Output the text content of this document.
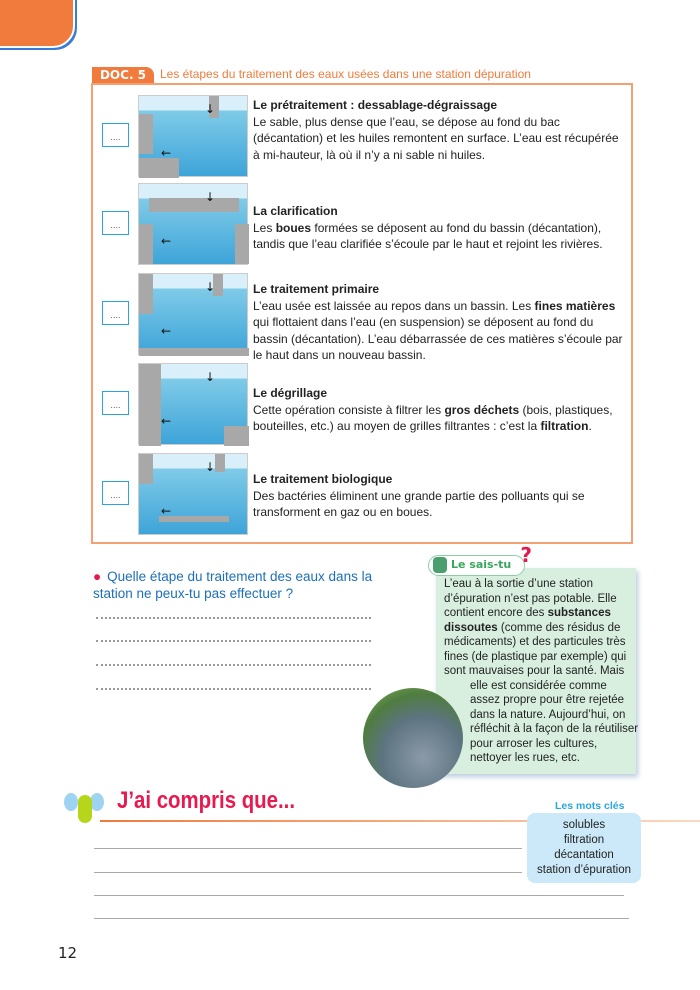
DOC. 5	Les étapes du traitement des eaux usées dans une station dépuration
....
←
↓	Le prétraitement : dessablage-dégraissage
Le sable, plus dense que l’eau, se dépose au fond du bac (décantation) et les huiles remontent en surface. L’eau est récupérée à mi-hauteur, là où il n’y a ni sable ni huiles.
....
←
↓
La clarification
Les boues formées se déposent au fond du bassin (décantation), tandis que l’eau clarifiée s’écoule par le haut et rejoint les rivières.
....
←
↓	Le traitement primaire
L’eau usée est laissée au repos dans un bassin. Les fines matières qui flottaient dans l’eau (en suspension) se déposent au fond du bassin (décantation). L’eau débarrassée de ces matières s’écoule par le haut dans un nouveau bassin.
....
←
↓
Le dégrillage
Cette opération consiste à filtrer les gros déchets (bois, plastiques, bouteilles, etc.) au moyen de grilles filtrantes : c’est la filtration.
....
←
↓
Le traitement biologique
Des bactéries éliminent une grande partie des polluants qui se transforment en gaz ou en boues.
● Quelle étape du traitement des eaux dans la station ne peux-tu pas effectuer ?
Le sais-tu ?
L’eau à la sortie d’une station d’épuration n’est pas potable. Elle contient encore des substances dissoutes (comme des résidus de médicaments) et des particules très fines (de plastique par exemple) qui sont mauvaises pour la santé. Mais elle est considérée comme assez propre pour être rejetée dans la nature. Aujourd’hui, on réfléchit à la façon de la réutiliser pour arroser les cultures, nettoyer les rues, etc.
J’ai compris que...	Les mots clés
solubles
filtration
décantation
station d’épuration
12
